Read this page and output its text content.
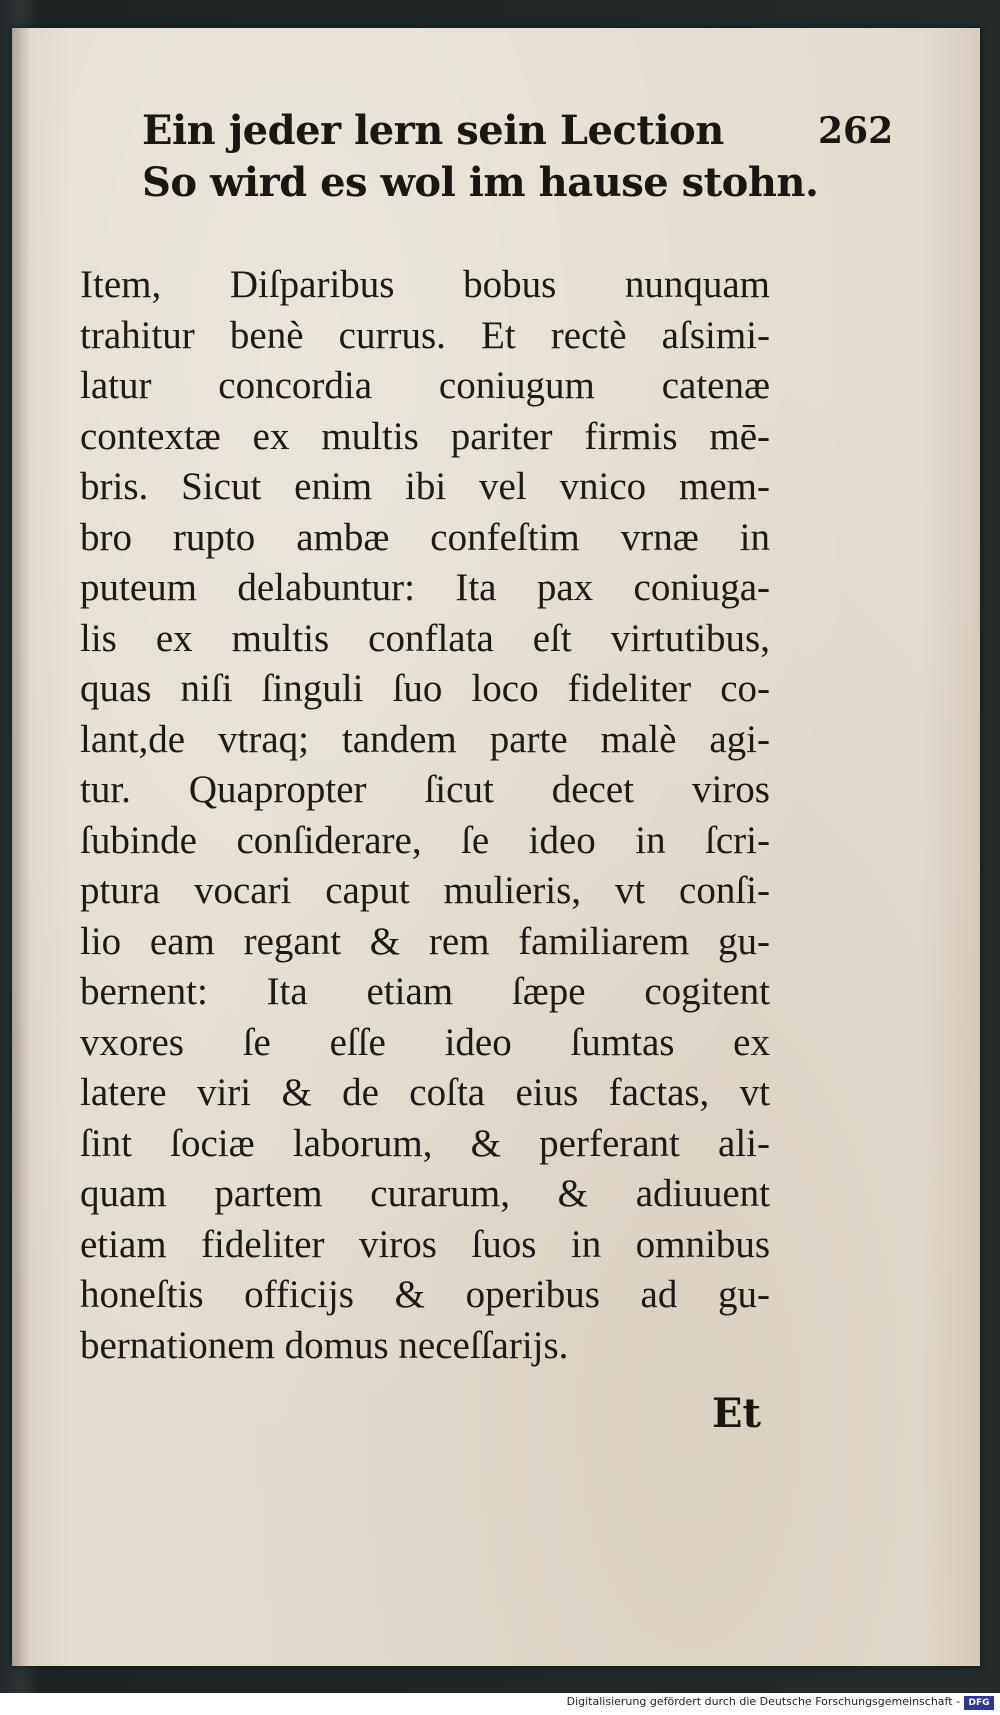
Ein jeder lern sein Lection
So wird es wol im hause stohn.
262
Item, Diſparibus bobus nunquam
trahitur benè currus. Et rectè aſsimi-
latur concordia coniugum catenæ
contextæ ex multis pariter firmis mē-
bris. Sicut enim ibi vel vnico mem-
bro rupto ambæ confeſtim vrnæ in
puteum delabuntur: Ita pax coniuga-
lis ex multis conflata eſt virtutibus,
quas niſi ſinguli ſuo loco fideliter co-
lant,de vtraq; tandem parte malè agi-
tur. Quapropter ſicut decet viros
ſubinde conſiderare, ſe ideo in ſcri-
ptura vocari caput mulieris, vt conſi-
lio eam regant & rem familiarem gu-
bernent: Ita etiam ſæpe cogitent
vxores ſe eſſe ideo ſumtas ex
latere viri & de coſta eius factas, vt
ſint ſociæ laborum, & perferant ali-
quam partem curarum, & adiuuent
etiam fideliter viros ſuos in omnibus
honeſtis officijs & operibus ad gu-
bernationem domus neceſſarijs.
Et
Digitalisierung gefördert durch die Deutsche Forschungsgemeinschaft - DFG
